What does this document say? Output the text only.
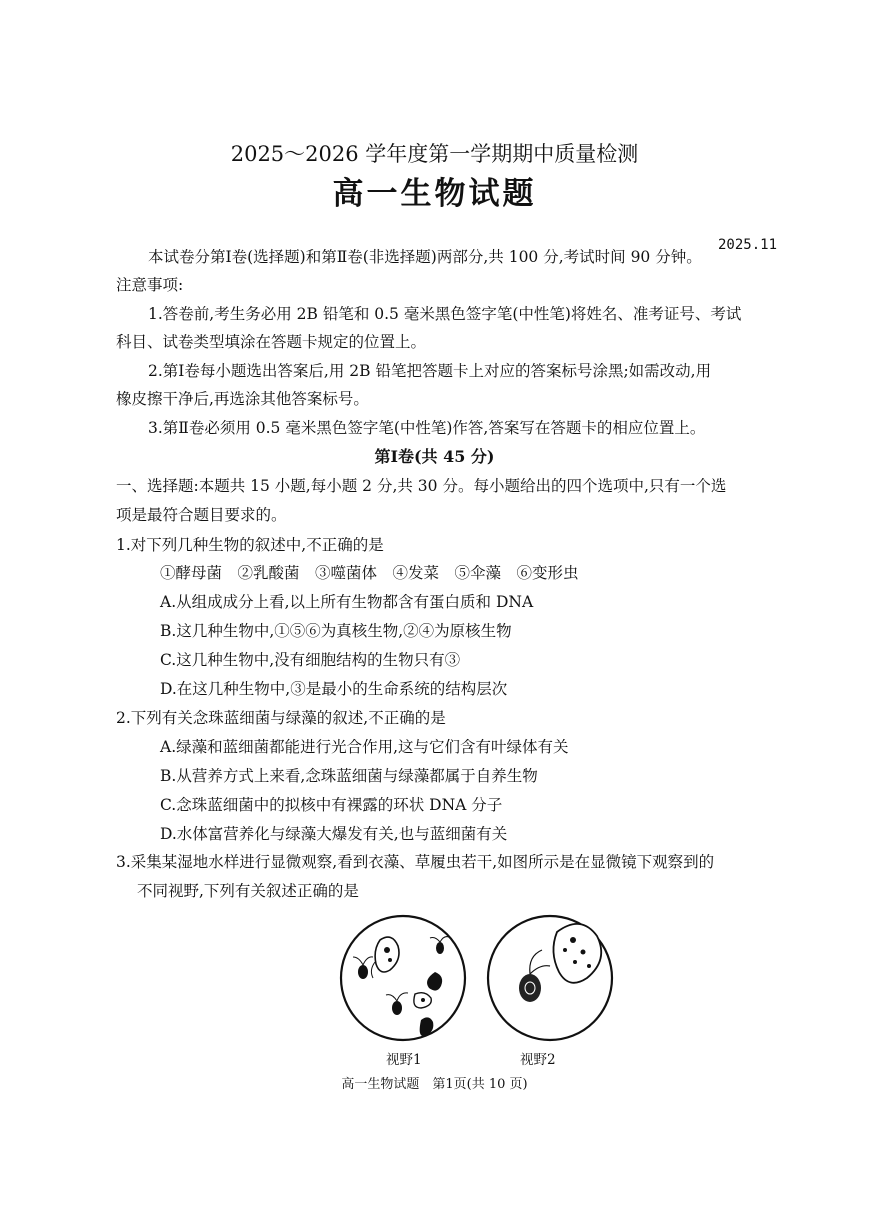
2025～2026 学年度第一学期期中质量检测
高一生物试题
2025.11
本试卷分第Ⅰ卷(选择题)和第Ⅱ卷(非选择题)两部分,共 100 分,考试时间 90 分钟。
注意事项:
1.答卷前,考生务必用 2B 铅笔和 0.5 毫米黑色签字笔(中性笔)将姓名、准考证号、考试
科目、试卷类型填涂在答题卡规定的位置上。
2.第Ⅰ卷每小题选出答案后,用 2B 铅笔把答题卡上对应的答案标号涂黑;如需改动,用
橡皮擦干净后,再选涂其他答案标号。
3.第Ⅱ卷必须用 0.5 毫米黑色签字笔(中性笔)作答,答案写在答题卡的相应位置上。
第Ⅰ卷(共 45 分)
一、选择题:本题共 15 小题,每小题 2 分,共 30 分。每小题给出的四个选项中,只有一个选
项是最符合题目要求的。
1.对下列几种生物的叙述中,不正确的是
①酵母菌　②乳酸菌　③噬菌体　④发菜　⑤伞藻　⑥变形虫
A.从组成成分上看,以上所有生物都含有蛋白质和 DNA
B.这几种生物中,①⑤⑥为真核生物,②④为原核生物
C.这几种生物中,没有细胞结构的生物只有③
D.在这几种生物中,③是最小的生命系统的结构层次
2.下列有关念珠蓝细菌与绿藻的叙述,不正确的是
A.绿藻和蓝细菌都能进行光合作用,这与它们含有叶绿体有关
B.从营养方式上来看,念珠蓝细菌与绿藻都属于自养生物
C.念珠蓝细菌中的拟核中有裸露的环状 DNA 分子
D.水体富营养化与绿藻大爆发有关,也与蓝细菌有关
3.采集某湿地水样进行显微观察,看到衣藻、草履虫若干,如图所示是在显微镜下观察到的
不同视野,下列有关叙述正确的是
视野1	视野2
高一生物试题　第1页(共 10 页)
